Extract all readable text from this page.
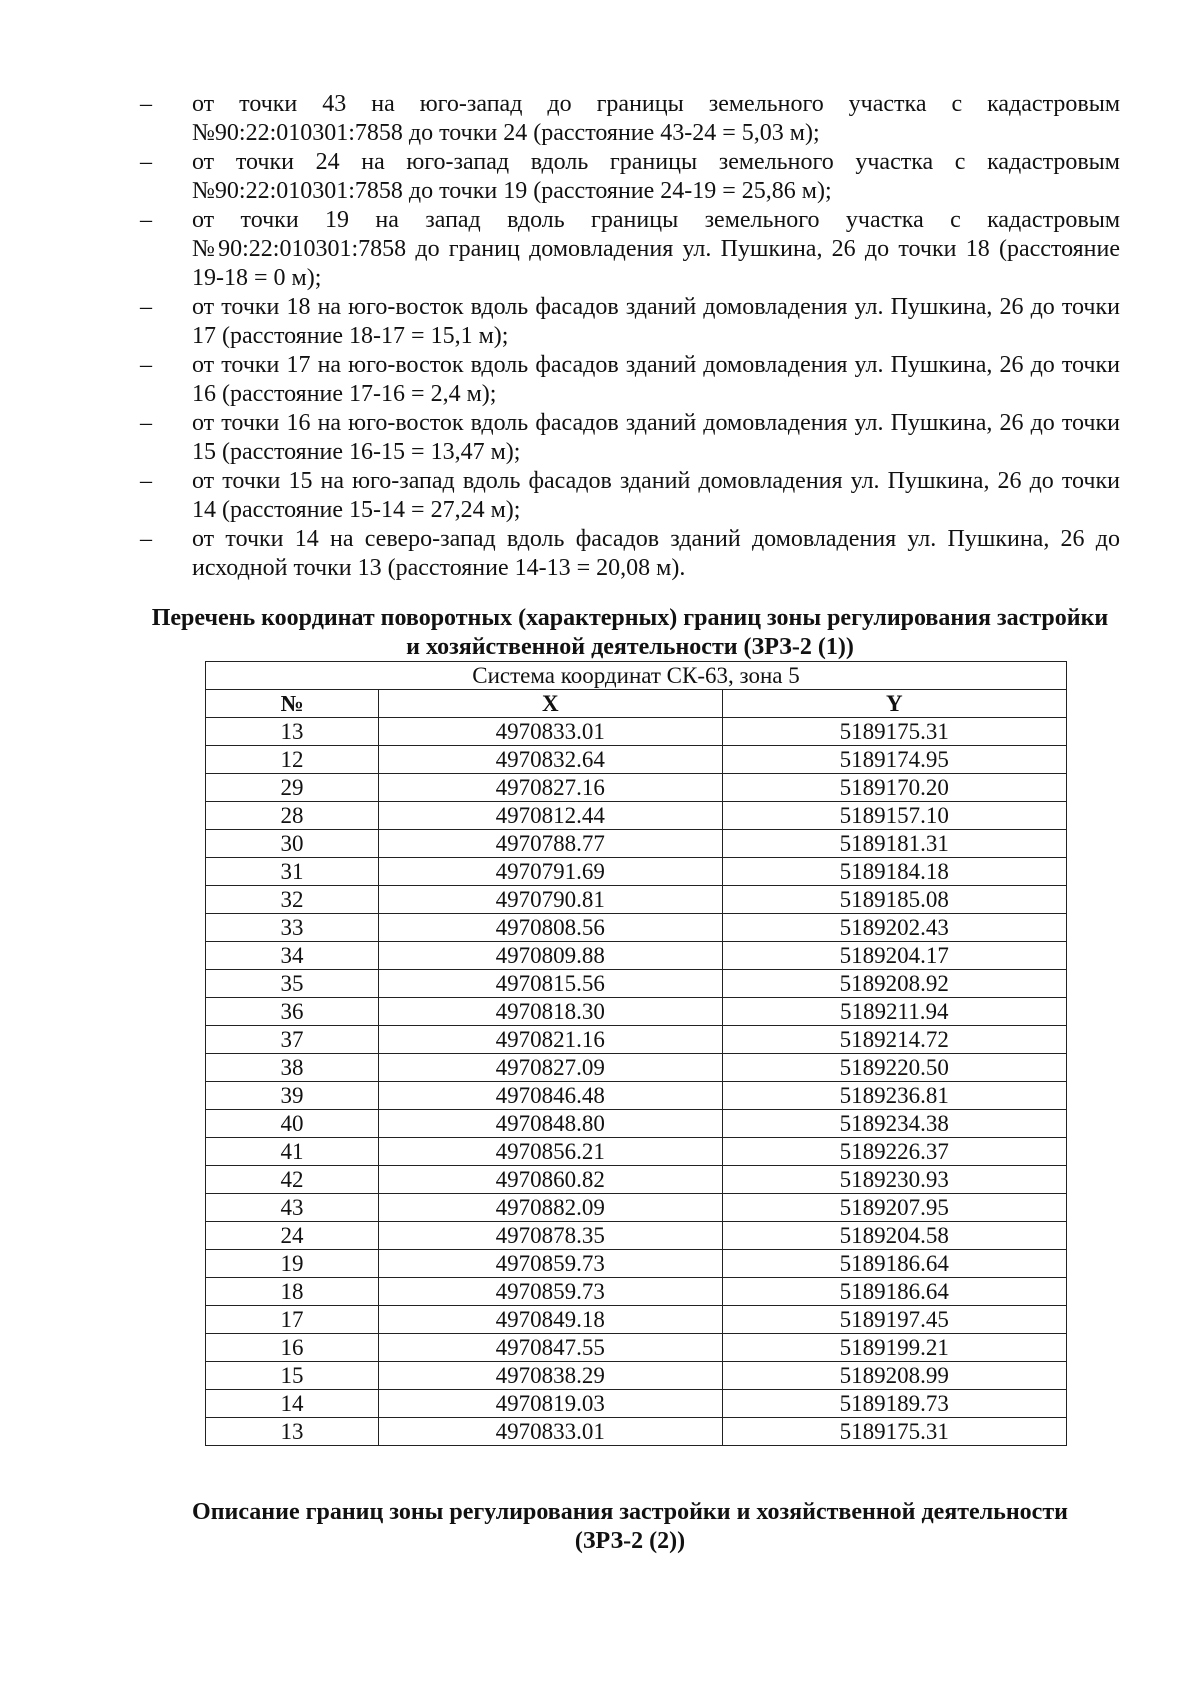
–	от точки 43 на юго-запад до границы земельного участка с кадастровым №90:22:010301:7858 до точки 24 (расстояние 43-24 = 5,03 м);
–	от точки 24 на юго-запад вдоль границы земельного участка с кадастровым №90:22:010301:7858 до точки 19 (расстояние 24-19 = 25,86 м);
–	от точки 19 на запад вдоль границы земельного участка с кадастровым №90:22:010301:7858 до границ домовладения ул. Пушкина, 26 до точки 18 (расстояние 19-18 = 0 м);
–	от точки 18 на юго-восток вдоль фасадов зданий домовладения ул. Пушкина, 26 до точки 17 (расстояние 18-17 = 15,1 м);
–	от точки 17 на юго-восток вдоль фасадов зданий домовладения ул. Пушкина, 26 до точки 16 (расстояние 17-16 = 2,4 м);
–	от точки 16 на юго-восток вдоль фасадов зданий домовладения ул. Пушкина, 26 до точки 15 (расстояние 16-15 = 13,47 м);
–	от точки 15 на юго-запад вдоль фасадов зданий домовладения ул. Пушкина, 26 до точки 14 (расстояние 15-14 = 27,24 м);
–	от точки 14 на северо-запад вдоль фасадов зданий домовладения ул. Пушкина, 26 до исходной точки 13 (расстояние 14-13 = 20,08 м).
Перечень координат поворотных (характерных) границ зоны регулирования застройки
и хозяйственной деятельности (ЗРЗ-2 (1))
Система координат СК-63, зона 5		
№	X	Y
13	4970833.01	5189175.31
12	4970832.64	5189174.95
29	4970827.16	5189170.20
28	4970812.44	5189157.10
30	4970788.77	5189181.31
31	4970791.69	5189184.18
32	4970790.81	5189185.08
33	4970808.56	5189202.43
34	4970809.88	5189204.17
35	4970815.56	5189208.92
36	4970818.30	5189211.94
37	4970821.16	5189214.72
38	4970827.09	5189220.50
39	4970846.48	5189236.81
40	4970848.80	5189234.38
41	4970856.21	5189226.37
42	4970860.82	5189230.93
43	4970882.09	5189207.95
24	4970878.35	5189204.58
19	4970859.73	5189186.64
18	4970859.73	5189186.64
17	4970849.18	5189197.45
16	4970847.55	5189199.21
15	4970838.29	5189208.99
14	4970819.03	5189189.73
13	4970833.01	5189175.31
Описание границ зоны регулирования застройки и хозяйственной деятельности
(ЗРЗ-2 (2))
